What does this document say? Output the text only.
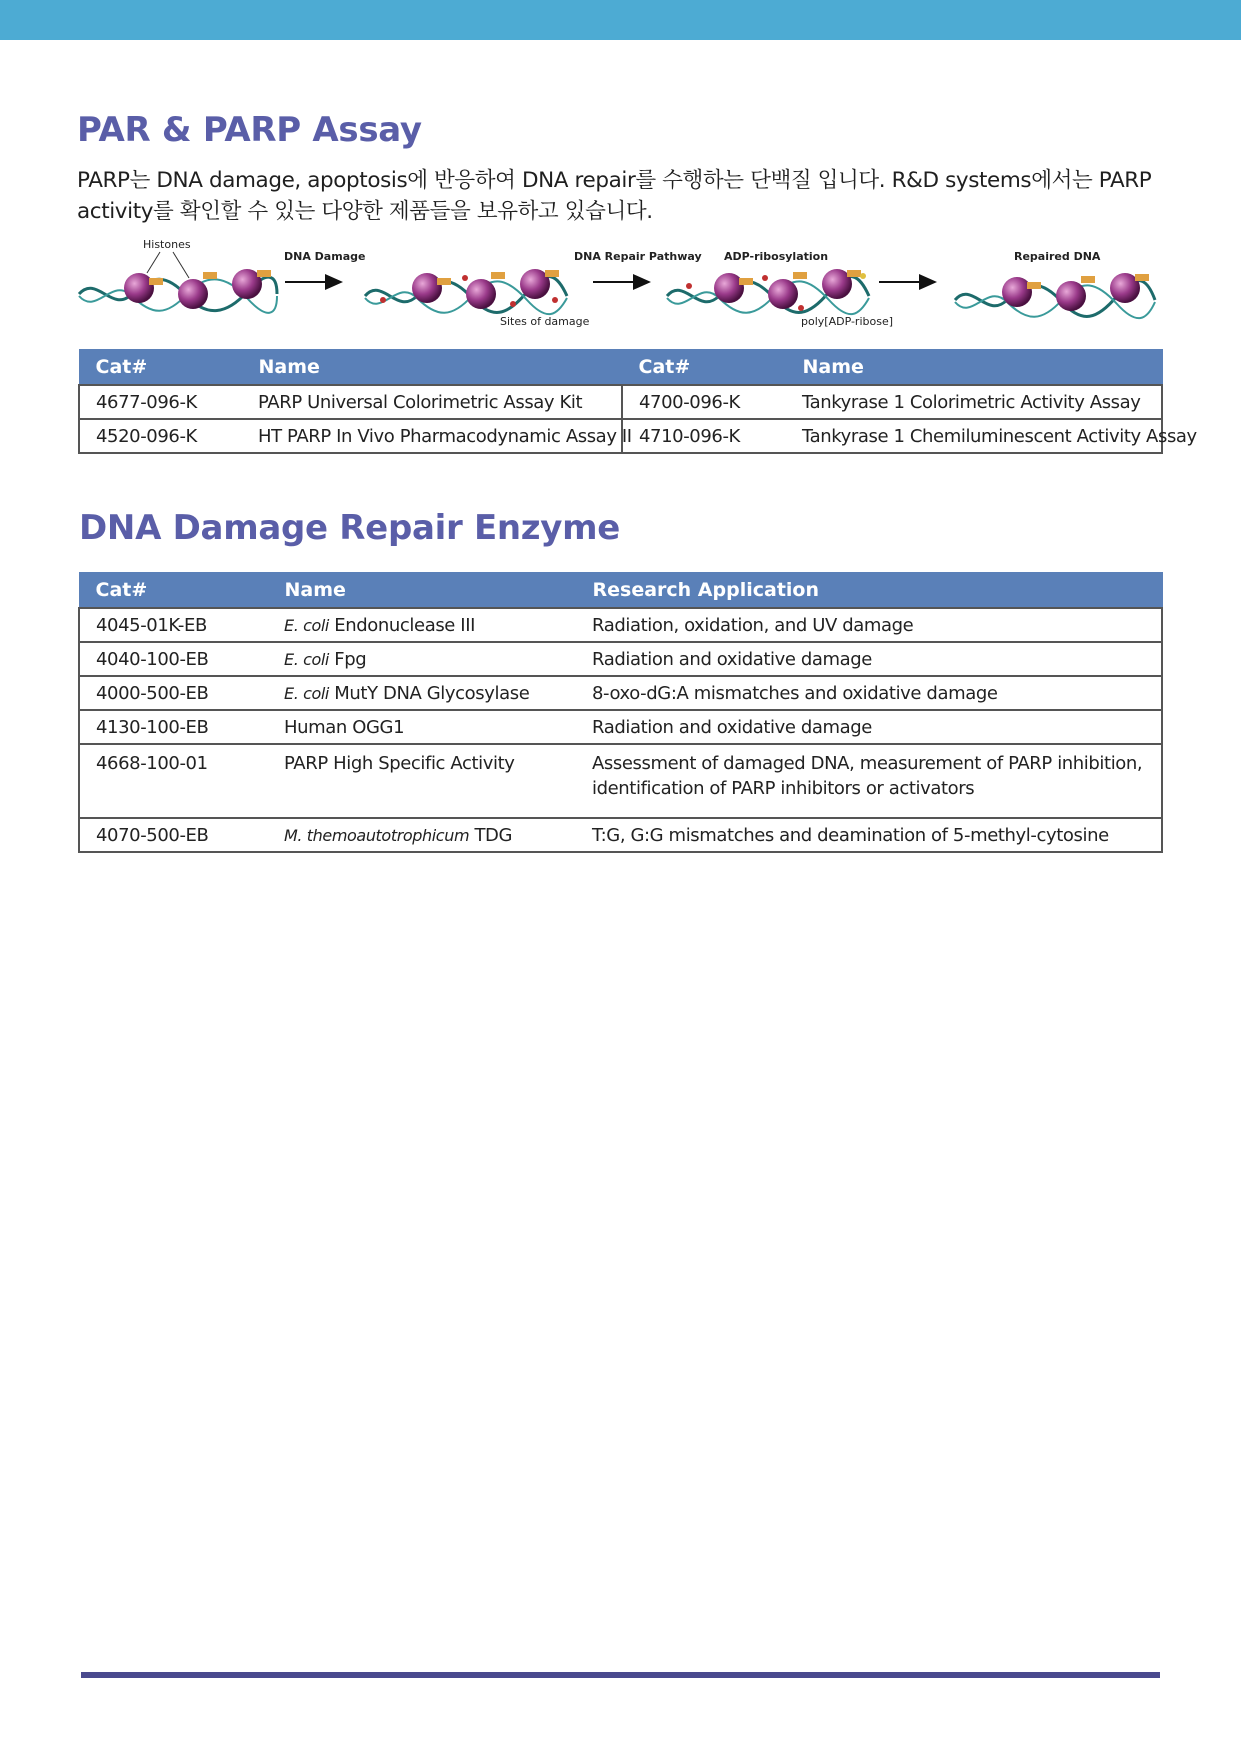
PAR & PARP Assay

PARP는 DNA damage, apoptosis에 반응하여 DNA repair를 수행하는 단백질 입니다. R&D systems에서는 PARP activity를 확인할 수 있는 다양한 제품들을 보유하고 있습니다.

Histones
DNA Damage
Sites of damage
DNA Repair Pathway ADP-ribosylation
poly[ADP-ribose]
Repaired DNA
Cat#	Name	Cat#	Name
4677-096-K	PARP Universal Colorimetric Assay Kit	4700-096-K	Tankyrase 1 Colorimetric Activity Assay
4520-096-K	HT PARP In Vivo Pharmacodynamic Assay II	4710-096-K	Tankyrase 1 Chemiluminescent Activity Assay
DNA Damage Repair Enzyme
Cat#	Name	Research Application
4045-01K-EB	E. coli Endonuclease III	Radiation, oxidation, and UV damage
4040-100-EB	E. coli Fpg	Radiation and oxidative damage
4000-500-EB	E. coli MutY DNA Glycosylase	8-oxo-dG:A mismatches and oxidative damage
4130-100-EB	Human OGG1	Radiation and oxidative damage
4668-100-01	PARP High Specific Activity	Assessment of damaged DNA, measurement of PARP inhibition, identification of PARP inhibitors or activators
4070-500-EB	M. themoautotrophicum TDG	T:G, G:G mismatches and deamination of 5-methyl-cytosine
